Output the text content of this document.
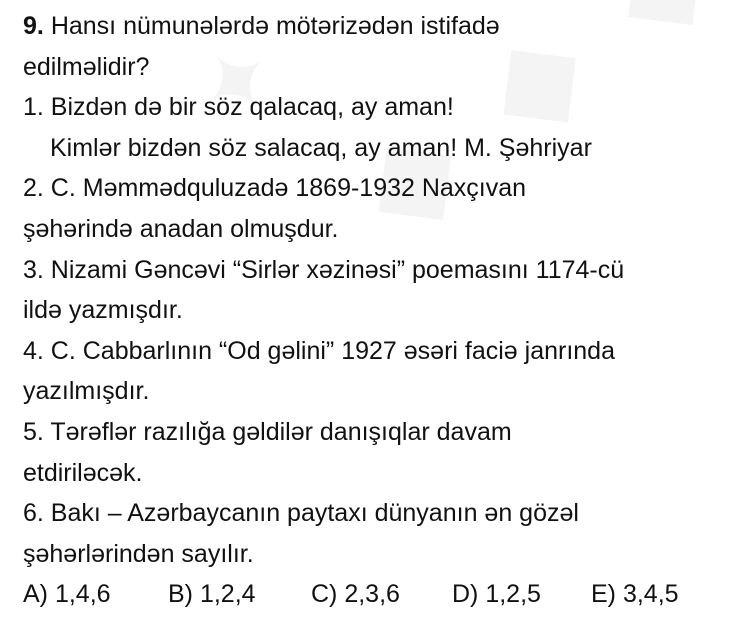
9. Hansı nümunələrdə mötərizədən istifadə
edilməlidir?
1. Bizdən də bir söz qalacaq, ay aman!
Kimlər bizdən söz salacaq, ay aman! M. Şəhriyar
2. C. Məmmədquluzadə 1869-1932 Naxçıvan
şəhərində anadan olmuşdur.
3. Nizami Gəncəvi “Sirlər xəzinəsi” poemasını 1174-cü
ildə yazmışdır.
4. C. Cabbarlının “Od gəlini” 1927 əsəri faciə janrında
yazılmışdır.
5. Tərəflər razılığa gəldilər danışıqlar davam
etdiriləcək.
6. Bakı – Azərbaycanın paytaxı dünyanın ən gözəl
şəhərlərindən sayılır.
A) 1,4,6	B) 1,2,4	C) 2,3,6	D) 1,2,5	E) 3,4,5
